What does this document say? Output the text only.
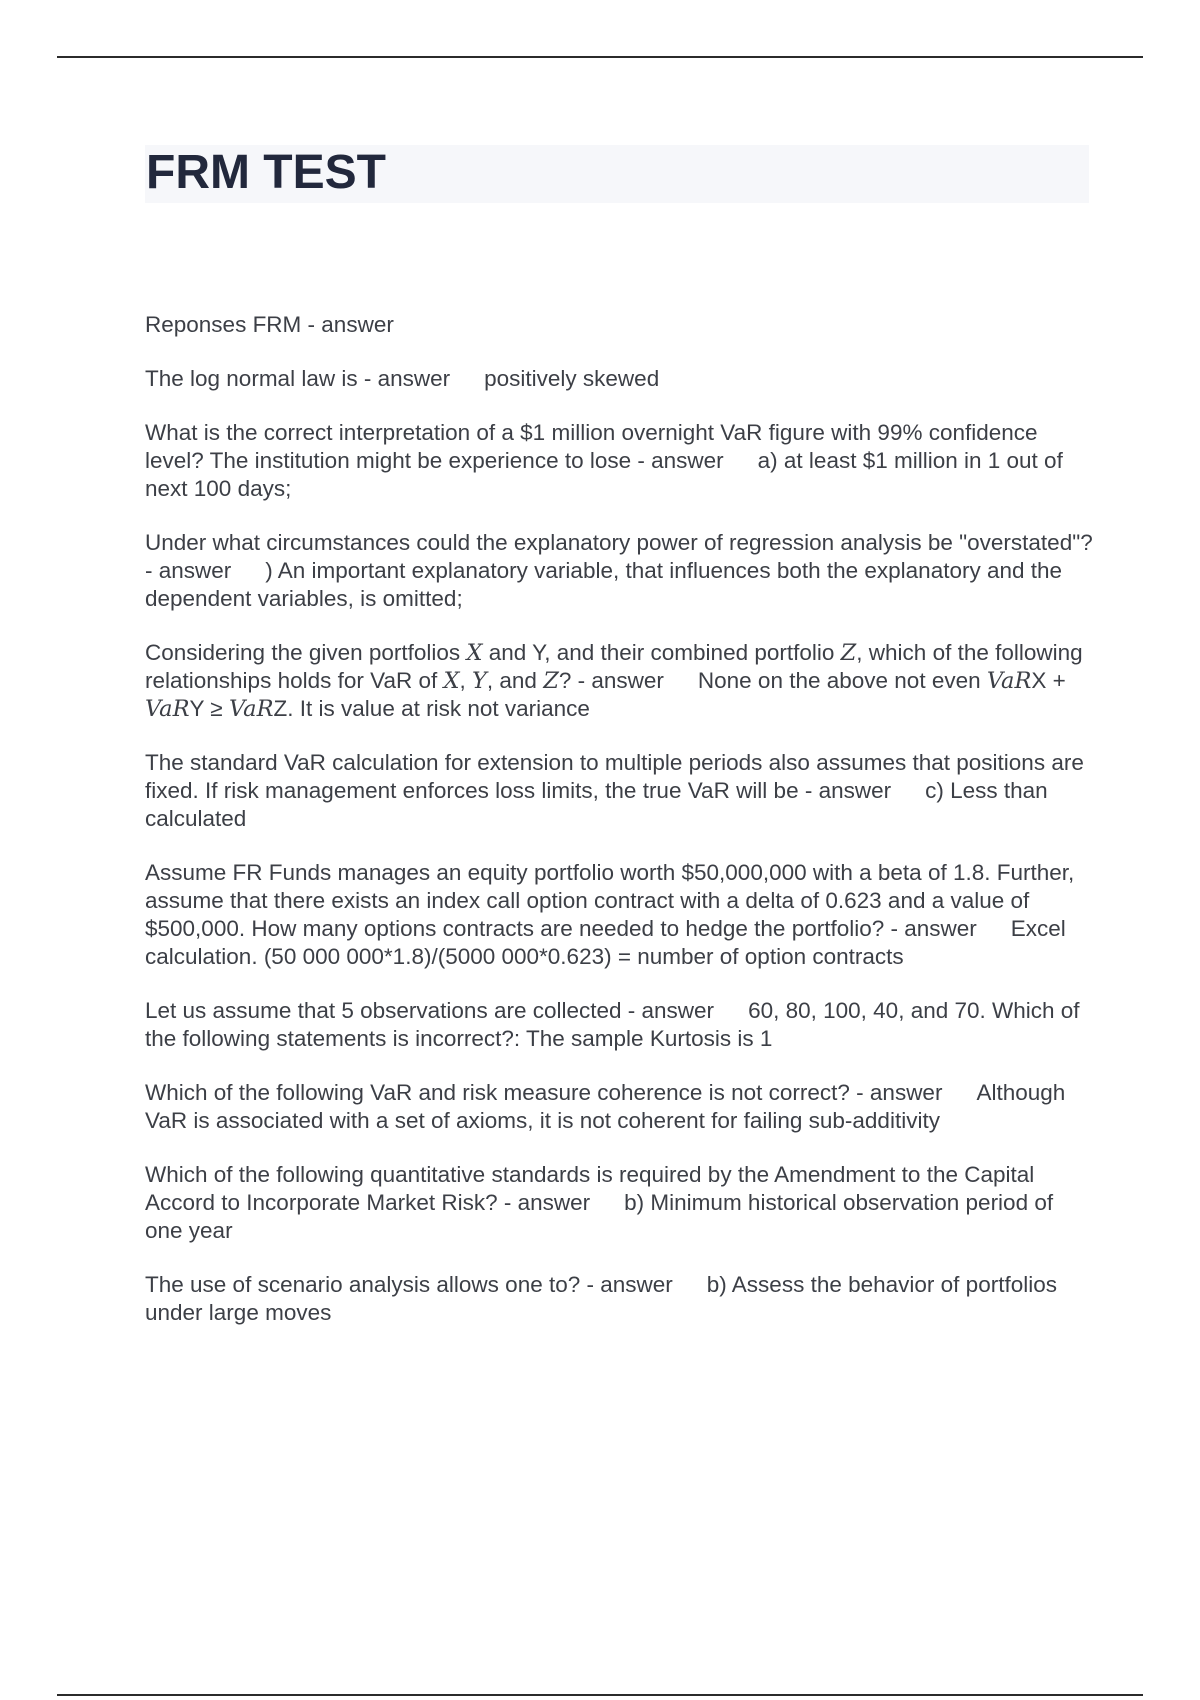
FRM TEST

Reponses FRM - answer

The log normal law is - answer positively skewed

What is the correct interpretation of a $1 million overnight VaR figure with 99% confidence level? The institution might be experience to lose - answer a) at least $1 million in 1 out of next 100 days;

Under what circumstances could the explanatory power of regression analysis be "overstated"? - answer ) An important explanatory variable, that influences both the explanatory and the dependent variables, is omitted;

Considering the given portfolios X and Y, and their combined portfolio Z, which of the following relationships holds for VaR of X, Y, and Z? - answer None on the above not even VaRX + VaRY ≥ VaRZ. It is value at risk not variance

The standard VaR calculation for extension to multiple periods also assumes that positions are fixed. If risk management enforces loss limits, the true VaR will be - answer c) Less than calculated

Assume FR Funds manages an equity portfolio worth $50,000,000 with a beta of 1.8. Further, assume that there exists an index call option contract with a delta of 0.623 and a value of $500,000. How many options contracts are needed to hedge the portfolio? - answer Excel calculation. (50 000 000*1.8)/(5000 000*0.623) = number of option contracts

Let us assume that 5 observations are collected - answer 60, 80, 100, 40, and 70. Which of the following statements is incorrect?: The sample Kurtosis is 1

Which of the following VaR and risk measure coherence is not correct? - answer Although VaR is associated with a set of axioms, it is not coherent for failing sub-additivity

Which of the following quantitative standards is required by the Amendment to the Capital Accord to Incorporate Market Risk? - answer b) Minimum historical observation period of one year

The use of scenario analysis allows one to? - answer b) Assess the behavior of portfolios under large moves
